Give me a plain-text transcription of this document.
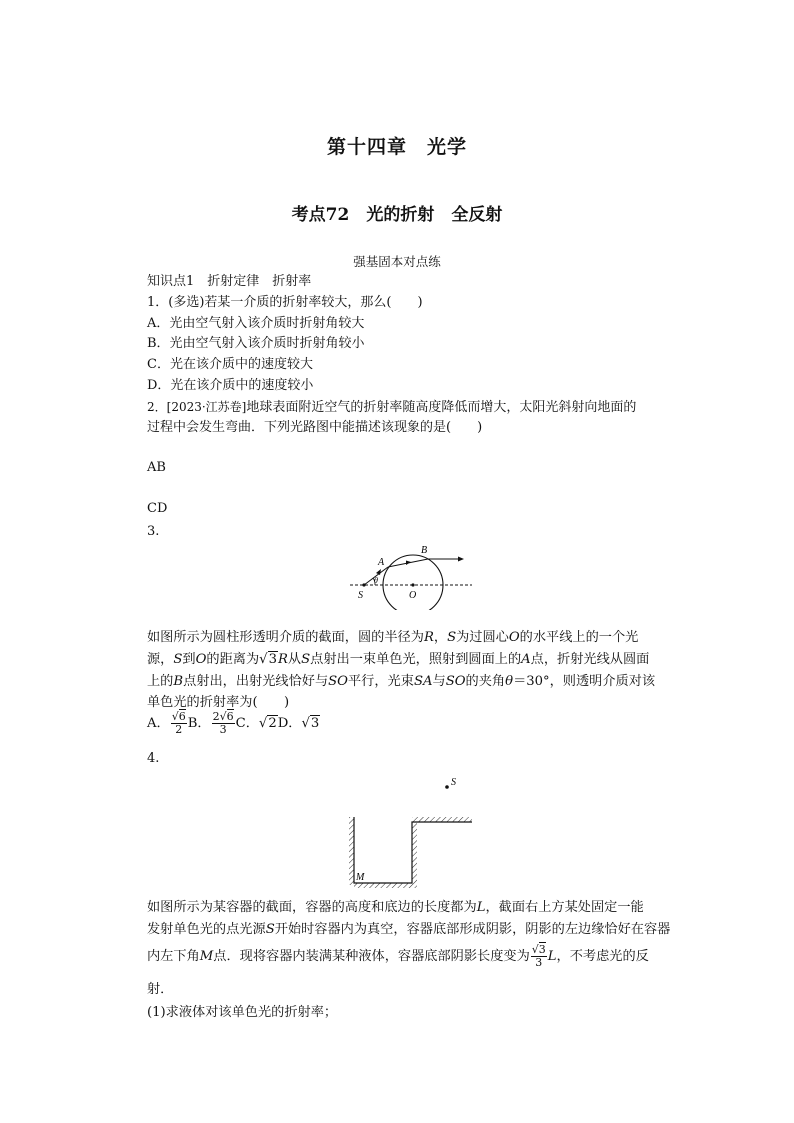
第十四章　光学
考点72　光的折射　全反射
强基固本对点练
知识点1　折射定律　折射率
1．(多选)若某一介质的折射率较大，那么(　　)
A．光由空气射入该介质时折射角较大
B．光由空气射入该介质时折射角较小
C．光在该介质中的速度较大
D．光在该介质中的速度较小
2．[2023·江苏卷]地球表面附近空气的折射率随高度降低而增大，太阳光斜射向地面的
过程中会发生弯曲．下列光路图中能描述该现象的是(　　)
AB
CD
3.
A
B
S	O
θ
如图所示为圆柱形透明介质的截面，圆的半径为R，S为过圆心O的水平线上的一个光
源，S到O的距离为√3R从S点射出一束单色光，照射到圆面上的A点，折射光线从圆面
上的B点射出，出射光线恰好与SO平行，光束SA与SO的夹角θ＝30°，则透明介质对该
单色光的折射率为(　　)
A． $\frac{√6}{2}$ B． $\frac{2√6}{3}$ C．√2D．√3
4.
S
M
如图所示为某容器的截面，容器的高度和底边的长度都为L，截面右上方某处固定一能
发射单色光的点光源S开始时容器内为真空，容器底部形成阴影，阴影的左边缘恰好在容器
内左下角M点．现将容器内装满某种液体，容器底部阴影长度变为 $\frac{√3}{3}$ L，不考虑光的反
射．
(1)求液体对该单色光的折射率；
